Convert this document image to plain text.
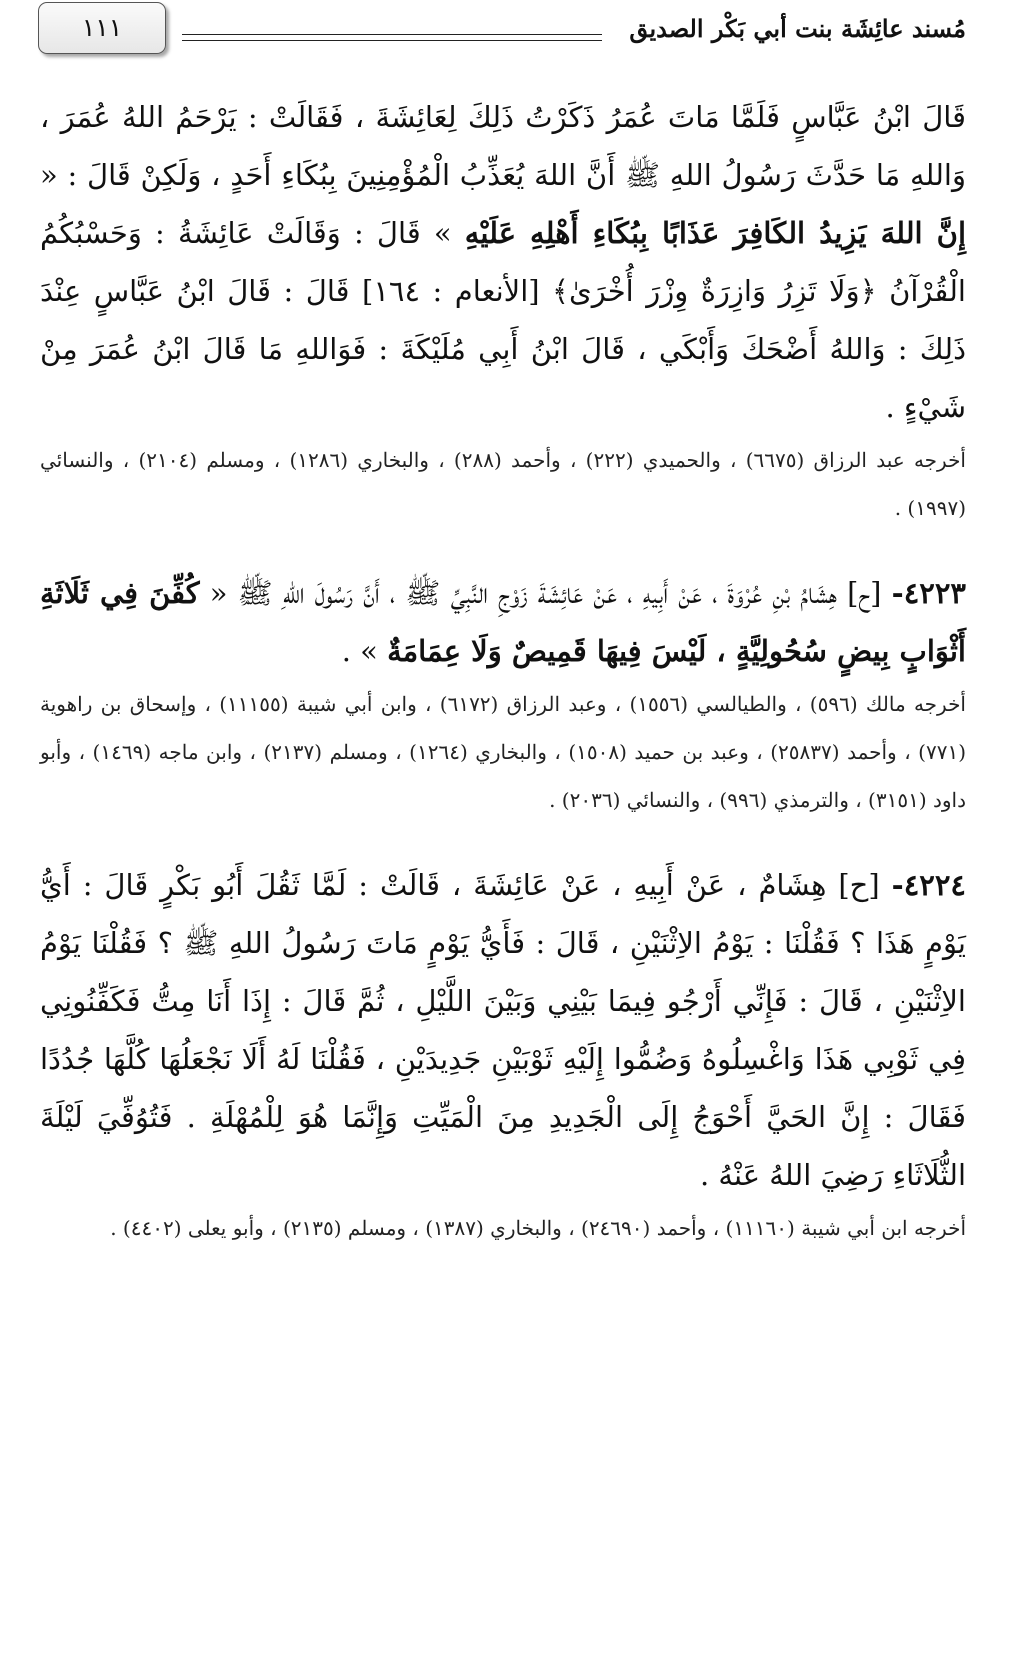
١١١	مُسند عائِشَة بنت أبي بَكْر الصديق

قَالَ ابْنُ عَبَّاسٍ فَلَمَّا مَاتَ عُمَرُ ذَكَرْتُ ذَلِكَ لِعَائِشَةَ ، فَقَالَتْ : يَرْحَمُ اللهُ عُمَرَ ، وَاللهِ مَا حَدَّثَ رَسُولُ اللهِ ﷺ أَنَّ اللهَ يُعَذِّبُ الْمُؤْمِنِينَ بِبُكَاءِ أَحَدٍ ، وَلَكِنْ قَالَ : « إِنَّ اللهَ يَزِيدُ الكَافِرَ عَذَابًا بِبُكَاءِ أَهْلِهِ عَلَيْهِ » قَالَ : وَقَالَتْ عَائِشَةُ : وَحَسْبُكُمُ الْقُرْآنُ ﴿وَلَا تَزِرُ وَازِرَةٌ وِزْرَ أُخْرَىٰ﴾ [الأنعام : ١٦٤] قَالَ : قَالَ ابْنُ عَبَّاسٍ عِنْدَ ذَلِكَ : وَاللهُ أَضْحَكَ وَأَبْكَي ، قَالَ ابْنُ أَبِي مُلَيْكَةَ : فَوَاللهِ مَا قَالَ ابْنُ عُمَرَ مِنْ شَيْءٍ .

أخرجه عبد الرزاق (٦٦٧٥) ، والحميدي (٢٢٢) ، وأحمد (٢٨٨) ، والبخاري (١٢٨٦) ، ومسلم (٢١٠٤) ، والنسائي (١٩٩٧) .

٤٢٢٣- [ح] هِشَامُ بْنِ عُرْوَةَ ، عَنْ أَبِيهِ ، عَنْ عَائِشَةَ زَوْجِ النَّبِيِّ ﷺ ، أَنَّ رَسُولَ اللهِ ﷺ « كُفِّنَ فِي ثَلَاثَةِ أَثْوَابٍ بِيضٍ سُحُولِيَّةٍ ، لَيْسَ فِيهَا قَمِيصٌ وَلَا عِمَامَةٌ » .

أخرجه مالك (٥٩٦) ، والطيالسي (١٥٥٦) ، وعبد الرزاق (٦١٧٢) ، وابن أبي شيبة (١١١٥٥) ، وإسحاق بن راهوية (٧٧١) ، وأحمد (٢٥٨٣٧) ، وعبد بن حميد (١٥٠٨) ، والبخاري (١٢٦٤) ، ومسلم (٢١٣٧) ، وابن ماجه (١٤٦٩) ، وأبو داود (٣١٥١) ، والترمذي (٩٩٦) ، والنسائي (٢٠٣٦) .

٤٢٢٤- [ح] هِشَامٌ ، عَنْ أَبِيهِ ، عَنْ عَائِشَةَ ، قَالَتْ : لَمَّا ثَقُلَ أَبُو بَكْرٍ قَالَ : أَيُّ يَوْمٍ هَذَا ؟ فَقُلْنَا : يَوْمُ الاِثْنَيْنِ ، قَالَ : فَأَيُّ يَوْمٍ مَاتَ رَسُولُ اللهِ ﷺ ؟ فَقُلْنَا يَوْمُ الاِثْنَيْنِ ، قَالَ : فَإِنِّي أَرْجُو فِيمَا بَيْنِي وَبَيْنَ اللَّيْلِ ، ثُمَّ قَالَ : إِذَا أَنَا مِتُّ فَكَفِّنُونِي فِي ثَوْبِي هَذَا وَاغْسِلُوهُ وَضُمُّوا إِلَيْهِ ثَوْبَيْنِ جَدِيدَيْنِ ، فَقُلْنَا لَهُ أَلَا نَجْعَلُهَا كُلَّهَا جُدُدًا فَقَالَ : إِنَّ الحَيَّ أَحْوَجُ إِلَى الْجَدِيدِ مِنَ الْمَيِّتِ وَإِنَّمَا هُوَ لِلْمُهْلَةِ . فَتُوُفِّيَ لَيْلَةَ الثُّلَاثَاءِ رَضِيَ اللهُ عَنْهُ .

أخرجه ابن أبي شيبة (١١١٦٠) ، وأحمد (٢٤٦٩٠) ، والبخاري (١٣٨٧) ، ومسلم (٢١٣٥) ، وأبو يعلى (٤٤٠٢) .
